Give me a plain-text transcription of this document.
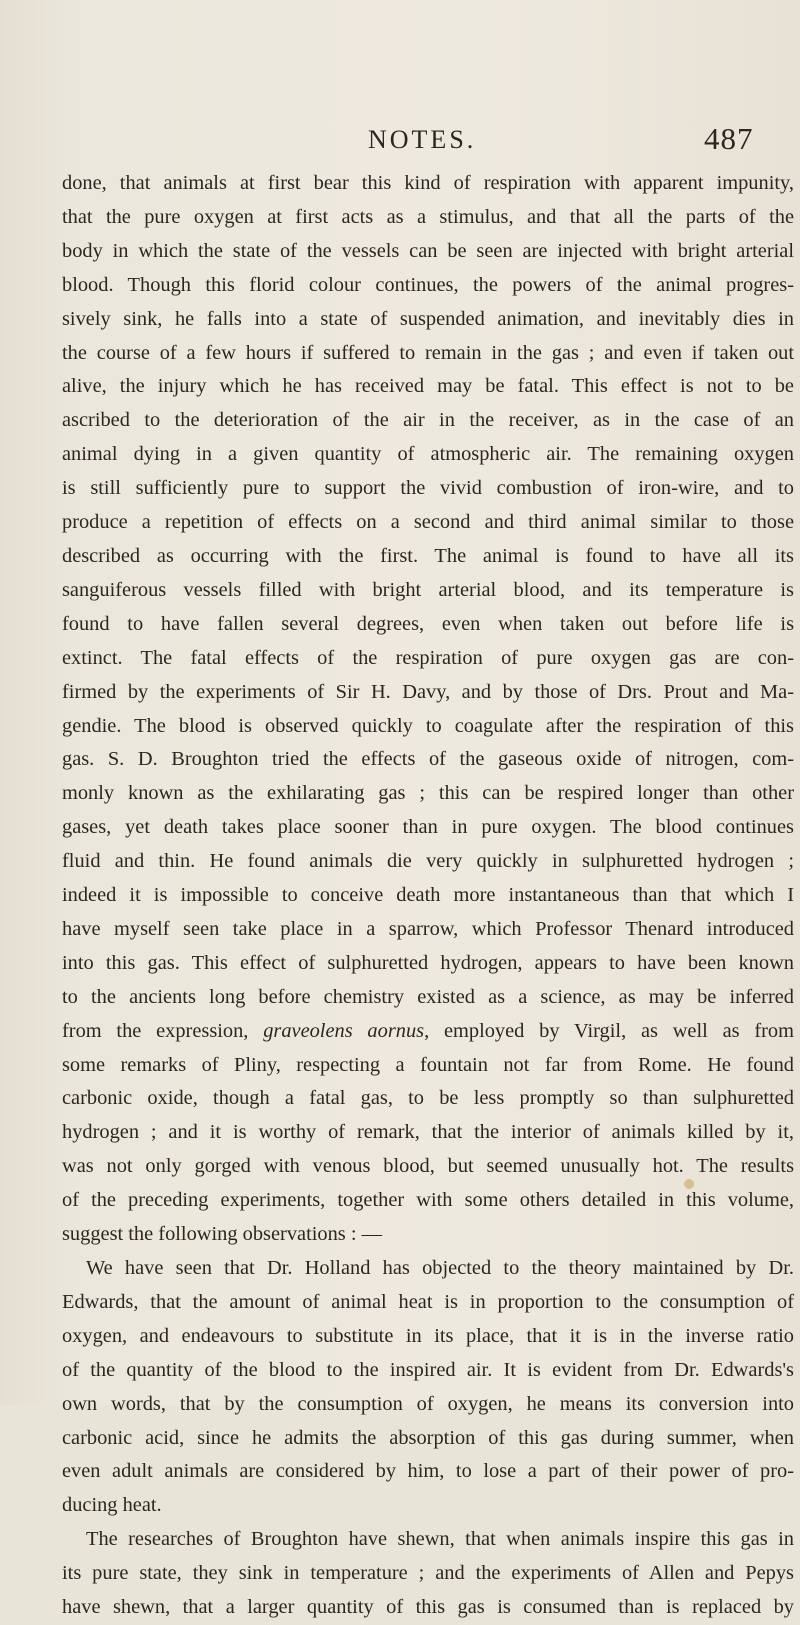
NOTES.	487
done, that animals at first bear this kind of respiration with apparent impunity,
that the pure oxygen at first acts as a stimulus, and that all the parts of the
body in which the state of the vessels can be seen are injected with bright arterial
blood. Though this florid colour continues, the powers of the animal progres-
sively sink, he falls into a state of suspended animation, and inevitably dies in
the course of a few hours if suffered to remain in the gas ; and even if taken out
alive, the injury which he has received may be fatal. This effect is not to be
ascribed to the deterioration of the air in the receiver, as in the case of an
animal dying in a given quantity of atmospheric air. The remaining oxygen
is still sufficiently pure to support the vivid combustion of iron-wire, and to
produce a repetition of effects on a second and third animal similar to those
described as occurring with the first. The animal is found to have all its
sanguiferous vessels filled with bright arterial blood, and its temperature is
found to have fallen several degrees, even when taken out before life is
extinct. The fatal effects of the respiration of pure oxygen gas are con-
firmed by the experiments of Sir H. Davy, and by those of Drs. Prout and Ma-
gendie. The blood is observed quickly to coagulate after the respiration of this
gas. S. D. Broughton tried the effects of the gaseous oxide of nitrogen, com-
monly known as the exhilarating gas ; this can be respired longer than other
gases, yet death takes place sooner than in pure oxygen. The blood continues
fluid and thin. He found animals die very quickly in sulphuretted hydrogen ;
indeed it is impossible to conceive death more instantaneous than that which I
have myself seen take place in a sparrow, which Professor Thenard introduced
into this gas. This effect of sulphuretted hydrogen, appears to have been known
to the ancients long before chemistry existed as a science, as may be inferred
from the expression, graveolens aornus, employed by Virgil, as well as from
some remarks of Pliny, respecting a fountain not far from Rome. He found
carbonic oxide, though a fatal gas, to be less promptly so than sulphuretted
hydrogen ; and it is worthy of remark, that the interior of animals killed by it,
was not only gorged with venous blood, but seemed unusually hot. The results
of the preceding experiments, together with some others detailed in this volume,
suggest the following observations : —
We have seen that Dr. Holland has objected to the theory maintained by Dr.
Edwards, that the amount of animal heat is in proportion to the consumption of
oxygen, and endeavours to substitute in its place, that it is in the inverse ratio
of the quantity of the blood to the inspired air. It is evident from Dr. Edwards's
own words, that by the consumption of oxygen, he means its conversion into
carbonic acid, since he admits the absorption of this gas during summer, when
even adult animals are considered by him, to lose a part of their power of pro-
ducing heat.
The researches of Broughton have shewn, that when animals inspire this gas in
its pure state, they sink in temperature ; and the experiments of Allen and Pepys
have shewn, that a larger quantity of this gas is consumed than is replaced by
